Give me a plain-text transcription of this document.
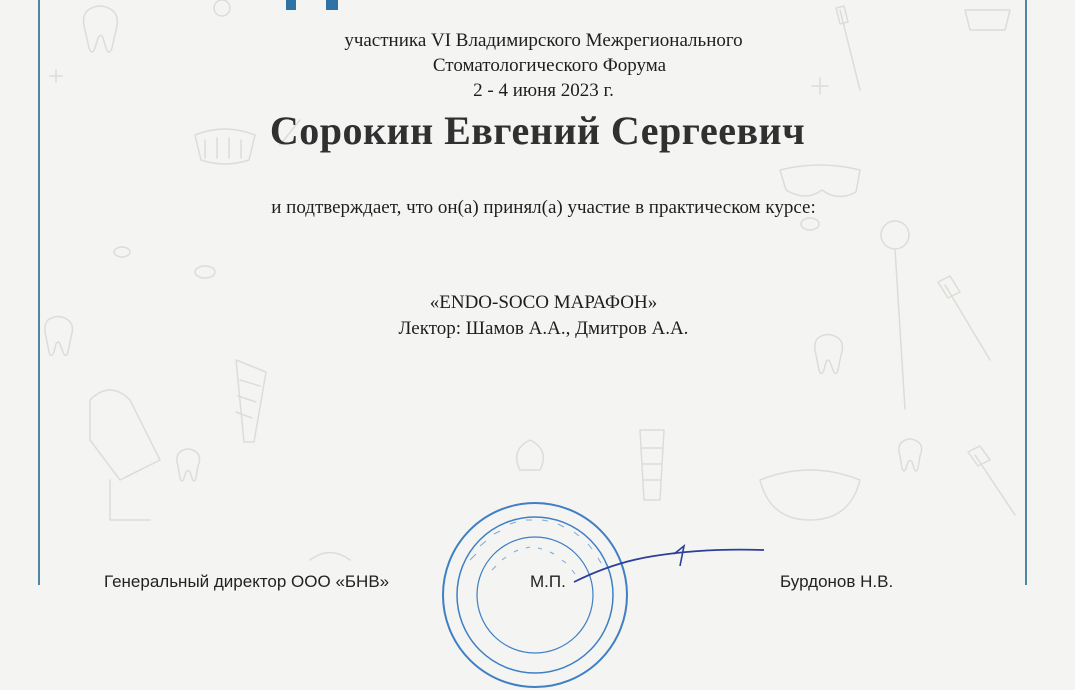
участника VI Владимирского Межрегионального
Стоматологического Форума
2 - 4 июня 2023 г.
Сорокин Евгений Сергеевич
и подтверждает, что он(а) принял(а) участие в практическом курсе:
«ENDO-SOCO МАРАФОН»
Лектор: Шамов А.А., Дмитров А.А.
Генеральный директор ООО «БНВ»	М.П.	Бурдонов Н.В.
